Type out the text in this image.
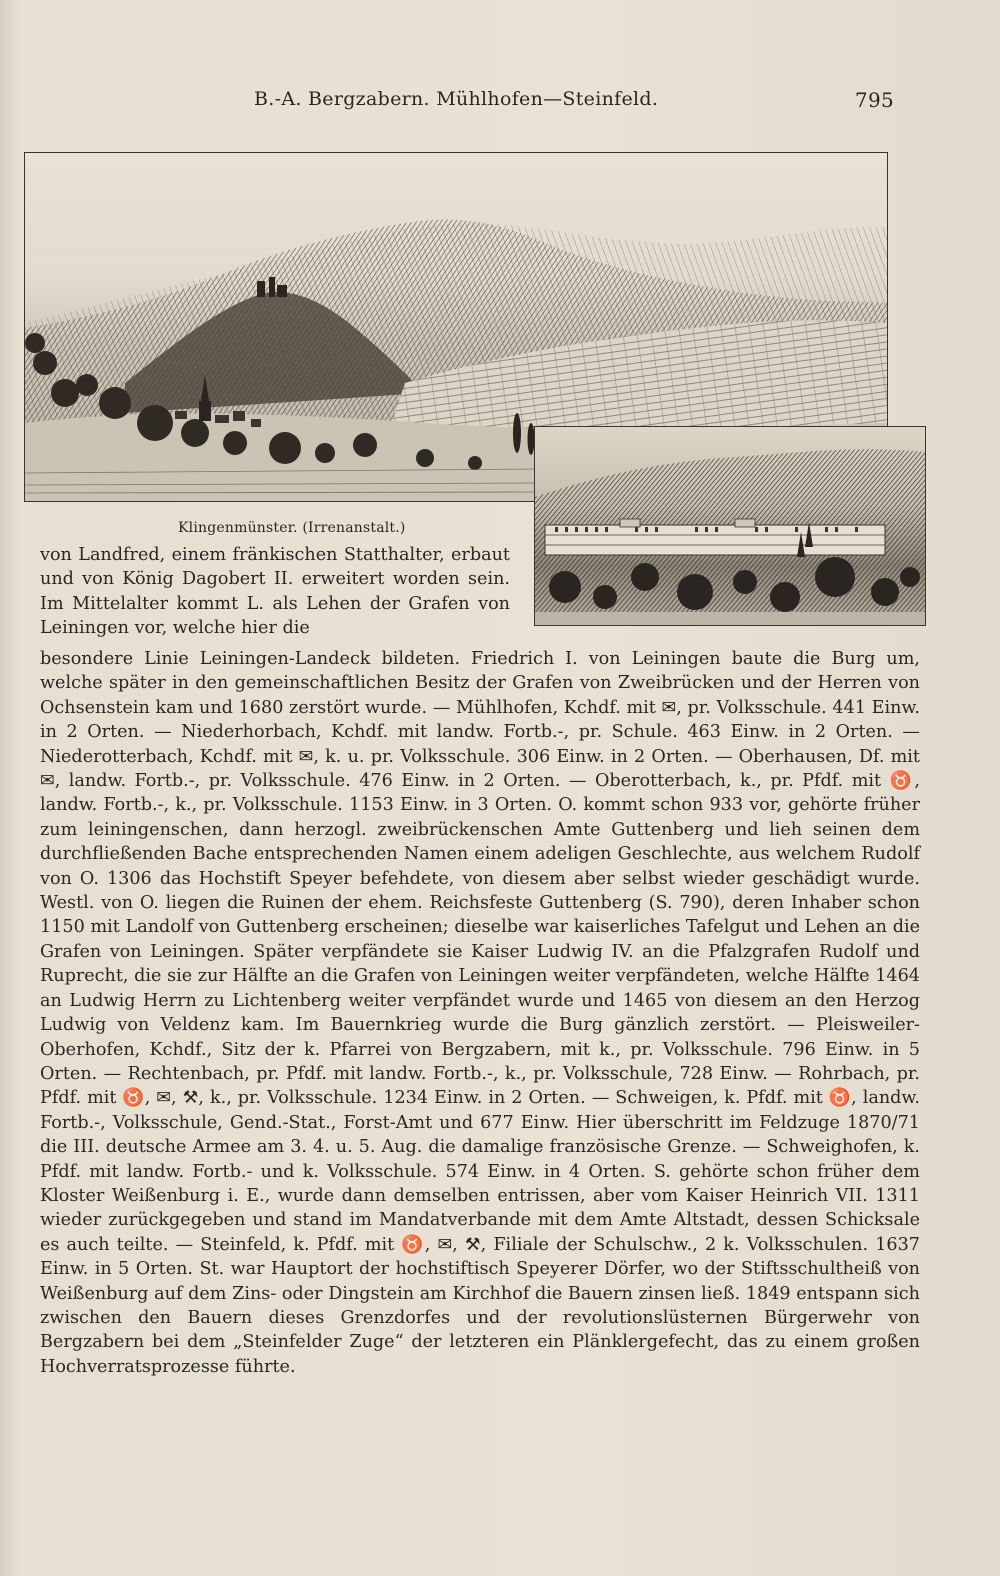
B.-A. Bergzabern. Mühlhofen—Steinfeld.	795
Klingenmünster. (Irrenanstalt.)

von Landfred, einem fränkischen Statthalter, erbaut und von König Dagobert II. erweitert worden sein. Im Mittelalter kommt L. als Lehen der Grafen von Leiningen vor, welche hier die

besondere Linie Leiningen-Landeck bildeten. Friedrich I. von Leiningen baute die Burg um, welche später in den gemeinschaftlichen Besitz der Grafen von Zweibrücken und der Herren von Ochsenstein kam und 1680 zerstört wurde. — Mühlhofen, Kchdf. mit ✉, pr. Volksschule. 441 Einw. in 2 Orten. — Niederhorbach, Kchdf. mit landw. Fortb.-, pr. Schule. 463 Einw. in 2 Orten. — Niederotterbach, Kchdf. mit ✉, k. u. pr. Volksschule. 306 Einw. in 2 Orten. — Oberhausen, Df. mit ✉, landw. Fortb.-, pr. Volksschule. 476 Einw. in 2 Orten. — Oberotterbach, k., pr. Pfdf. mit ♉, landw. Fortb.-, k., pr. Volksschule. 1153 Einw. in 3 Orten. O. kommt schon 933 vor, gehörte früher zum leiningenschen, dann herzogl. zweibrückenschen Amte Guttenberg und lieh seinen dem durchfließenden Bache entsprechenden Namen einem adeligen Geschlechte, aus welchem Rudolf von O. 1306 das Hochstift Speyer befehdete, von diesem aber selbst wieder geschädigt wurde. Westl. von O. liegen die Ruinen der ehem. Reichsfeste Guttenberg (S. 790), deren Inhaber schon 1150 mit Landolf von Guttenberg erscheinen; dieselbe war kaiserliches Tafelgut und Lehen an die Grafen von Leiningen. Später verpfändete sie Kaiser Ludwig IV. an die Pfalzgrafen Rudolf und Ruprecht, die sie zur Hälfte an die Grafen von Leiningen weiter verpfändeten, welche Hälfte 1464 an Ludwig Herrn zu Lichtenberg weiter verpfändet wurde und 1465 von diesem an den Herzog Ludwig von Veldenz kam. Im Bauernkrieg wurde die Burg gänzlich zerstört. — Pleisweiler-Oberhofen, Kchdf., Sitz der k. Pfarrei von Bergzabern, mit k., pr. Volksschule. 796 Einw. in 5 Orten. — Rechtenbach, pr. Pfdf. mit landw. Fortb.-, k., pr. Volksschule, 728 Einw. — Rohrbach, pr. Pfdf. mit ♉, ✉, ⚒, k., pr. Volksschule. 1234 Einw. in 2 Orten. — Schweigen, k. Pfdf. mit ♉, landw. Fortb.-, Volksschule, Gend.-Stat., Forst-Amt und 677 Einw. Hier überschritt im Feldzuge 1870/71 die III. deutsche Armee am 3. 4. u. 5. Aug. die damalige französische Grenze. — Schweighofen, k. Pfdf. mit landw. Fortb.- und k. Volksschule. 574 Einw. in 4 Orten. S. gehörte schon früher dem Kloster Weißenburg i. E., wurde dann demselben entrissen, aber vom Kaiser Heinrich VII. 1311 wieder zurückgegeben und stand im Mandatverbande mit dem Amte Altstadt, dessen Schicksale es auch teilte. — Steinfeld, k. Pfdf. mit ♉, ✉, ⚒, Filiale der Schulschw., 2 k. Volksschulen. 1637 Einw. in 5 Orten. St. war Hauptort der hochstiftisch Speyerer Dörfer, wo der Stiftsschultheiß von Weißenburg auf dem Zins- oder Dingstein am Kirchhof die Bauern zinsen ließ. 1849 entspann sich zwischen den Bauern dieses Grenzdorfes und der revolutionslüsternen Bürgerwehr von Bergzabern bei dem „Steinfelder Zuge“ der letzteren ein Plänklergefecht, das zu einem großen Hochverratsprozesse führte.
